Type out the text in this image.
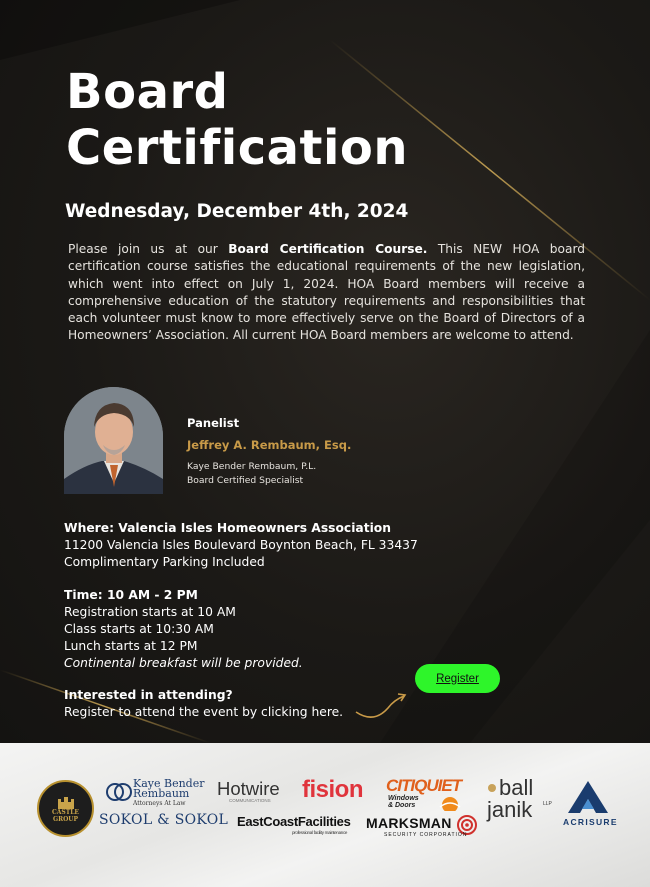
Board
Certification
Wednesday, December 4th, 2024

Please join us at our Board Certification Course. This NEW HOA board certification course satisfies the educational requirements of the new legislation, which went into effect on July 1, 2024. HOA Board members will receive a comprehensive education of the statutory requirements and responsibilities that each volunteer must know to more effectively serve on the Board of Directors of a Homeowners’ Association. All current HOA Board members are welcome to attend.

Panelist
Jeffrey A. Rembaum, Esq.
Kaye Bender Rembaum, P.L.
Board Certified Specialist
Where: Valencia Isles Homeowners Association
11200 Valencia Isles Boulevard Boynton Beach, FL 33437
Complimentary Parking Included
Time: 10 AM - 2 PM
Registration starts at 10 AM
Class starts at 10:30 AM
Lunch starts at 12 PM
Continental breakfast will be provided.
Interested in attending?
Register to attend the event by clicking here.
Register
CASTLE
GROUP
Kaye Bender
Rembaum
Attorneys At Law
SOKOL & SOKOL
Hotwire
COMMUNICATIONS	fision
EastCoastFacilities
professional facility maintenance
CITIQUIET
Windows
& Doors
MARKSMAN
SECURITY CORPORATION
ball
janik LLP
ACRISURE
